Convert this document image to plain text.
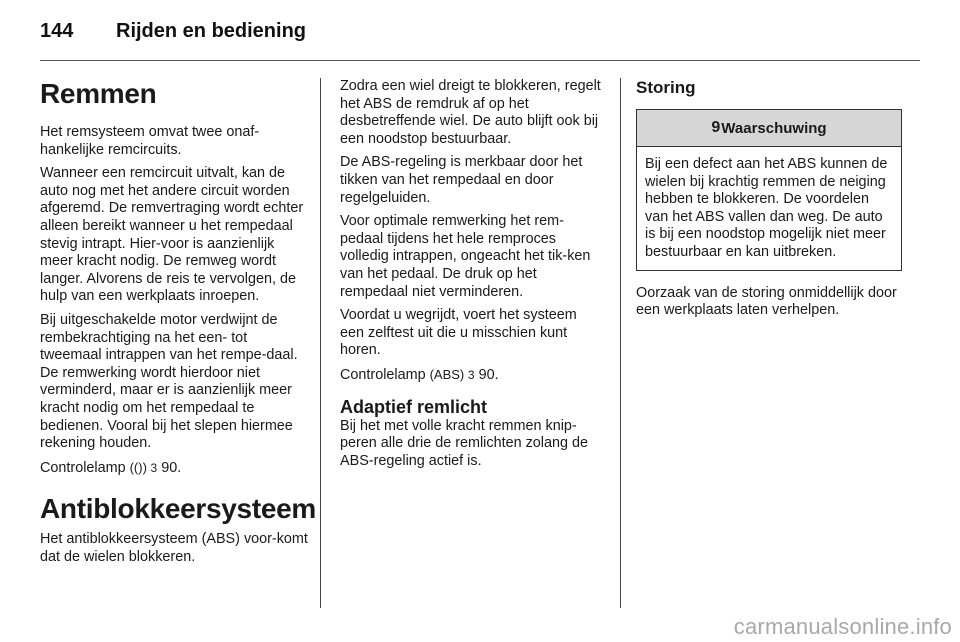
144 Rijden en bediening
Remmen

Het remsysteem omvat twee onaf-hankelijke remcircuits.

Wanneer een remcircuit uitvalt, kan de auto nog met het andere circuit worden afgeremd. De remvertraging wordt echter alleen bereikt wanneer u het rempedaal stevig intrapt. Hier-voor is aanzienlijk meer kracht nodig. De remweg wordt langer. Alvorens de reis te vervolgen, de hulp van een werkplaats inroepen.

Bij uitgeschakelde motor verdwijnt de rembekrachtiging na het een- tot tweemaal intrappen van het rempe-daal. De remwerking wordt hierdoor niet verminderd, maar er is aanzienlijk meer kracht nodig om het rempedaal te bedienen. Vooral bij het slepen hiermee rekening houden.

Controlelamp (()) 3 90.

Antiblokkeersysteem

Het antiblokkeersysteem (ABS) voor-komt dat de wielen blokkeren.

Zodra een wiel dreigt te blokkeren, regelt het ABS de remdruk af op het desbetreffende wiel. De auto blijft ook bij een noodstop bestuurbaar.

De ABS-regeling is merkbaar door het tikken van het rempedaal en door regelgeluiden.

Voor optimale remwerking het rem-pedaal tijdens het hele remproces volledig intrappen, ongeacht het tik-ken van het pedaal. De druk op het rempedaal niet verminderen.

Voordat u wegrijdt, voert het systeem een zelftest uit die u misschien kunt horen.

Controlelamp (ABS) 3 90.

Adaptief remlicht

Bij het met volle kracht remmen knip-peren alle drie de remlichten zolang de ABS-regeling actief is.

Storing
9 Waarschuwing

Bij een defect aan het ABS kunnen de wielen bij krachtig remmen de neiging hebben te blokkeren. De voordelen van het ABS vallen dan weg. De auto is bij een noodstop mogelijk niet meer bestuurbaar en kan uitbreken.

Oorzaak van de storing onmiddellijk door een werkplaats laten verhelpen.

carmanualsonline.info
